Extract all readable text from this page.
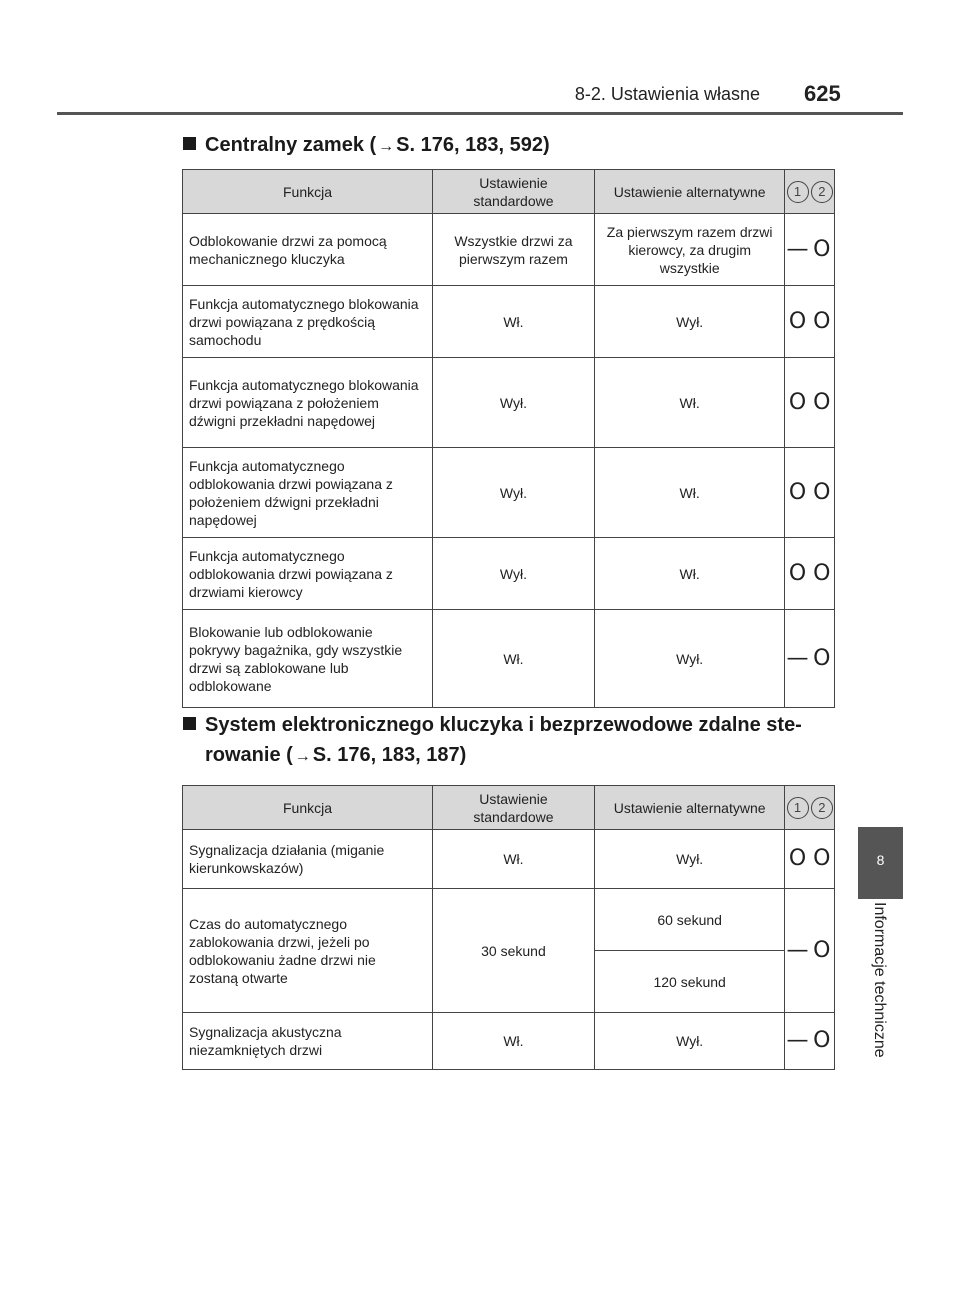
8-2. Ustawienia własne 625
8
Informacje techniczne
Centralny zamek ( → S. 176, 183, 592)
Funkcja	Ustawienie standardowe	Ustawienie alternatywne	1	2
Odblokowanie drzwi za pomocą mechanicznego kluczyka	Wszystkie drzwi za pierwszym razem	Za pierwszym razem drzwi kierowcy, za drugim wszystkie	—	O
Funkcja automatycznego blokowania drzwi powiązana z prędkością samochodu	Wł.	Wył.	O	O
Funkcja automatycznego blokowania drzwi powiązana z położeniem dźwigni przekładni napędowej	Wył.	Wł.	O	O
Funkcja automatycznego odblokowania drzwi powiązana z położeniem dźwigni przekładni napędowej	Wył.	Wł.	O	O
Funkcja automatycznego odblokowania drzwi powiązana z drzwiami kierowcy	Wył.	Wł.	O	O
Blokowanie lub odblokowanie pokrywy bagażnika, gdy wszystkie drzwi są zablokowane lub odblokowane	Wł.	Wył.	—	O
System elektronicznego kluczyka i bezprzewodowe zdalne ste-
rowanie ( → S. 176, 183, 187)
Funkcja	Ustawienie standardowe	Ustawienie alternatywne	1	2
Sygnalizacja działania (miganie kierunkowskazów)	Wł.	Wył.	O	O
Czas do automatycznego zablokowania drzwi, jeżeli po odblokowaniu żadne drzwi nie zostaną otwarte	30 sekund	60 sekund	—	O
		120 sekund		
Sygnalizacja akustyczna niezamkniętych drzwi	Wł.	Wył.	—	O
